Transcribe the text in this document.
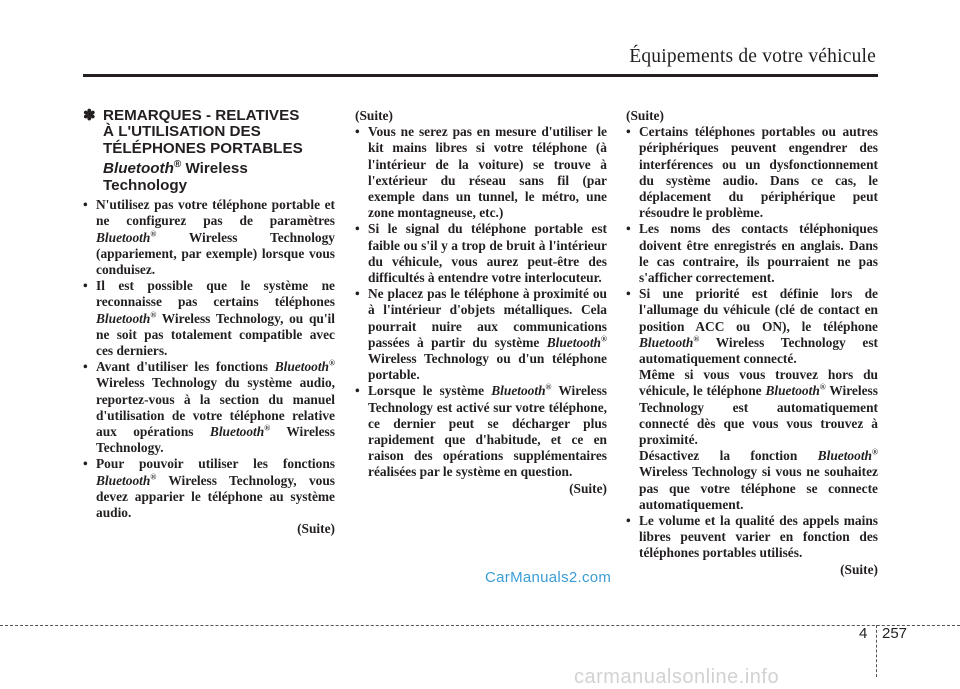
Équipements de votre véhicule
✽ REMARQUES - RELATIVES
À L'UTILISATION DES
TÉLÉPHONES PORTABLES
Bluetooth® Wireless
Technology
• N'utilisez pas votre téléphone portable et ne configurez pas de paramètres Bluetooth® Wireless Technology (appariement, par exemple) lorsque vous conduisez.
• Il est possible que le système ne reconnaisse pas certains téléphones Bluetooth® Wireless Technology, ou qu'il ne soit pas totalement compatible avec ces derniers.
• Avant d'utiliser les fonctions Bluetooth® Wireless Technology du système audio, reportez-vous à la section du manuel d'utilisation de votre téléphone relative aux opérations Bluetooth® Wireless Technology.
• Pour pouvoir utiliser les fonctions Bluetooth® Wireless Technology, vous devez apparier le téléphone au système audio.
(Suite)
(Suite)
• Vous ne serez pas en mesure d'utiliser le kit mains libres si votre téléphone (à l'intérieur de la voiture) se trouve à l'extérieur du réseau sans fil (par exemple dans un tunnel, le métro, une zone montagneuse, etc.)
• Si le signal du téléphone portable est faible ou s'il y a trop de bruit à l'intérieur du véhicule, vous aurez peut-être des difficultés à entendre votre interlocuteur.
• Ne placez pas le téléphone à proximité ou à l'intérieur d'objets métalliques. Cela pourrait nuire aux communications passées à partir du système Bluetooth® Wireless Technology ou d'un téléphone portable.
• Lorsque le système Bluetooth® Wireless Technology est activé sur votre téléphone, ce dernier peut se décharger plus rapidement que d'habitude, et ce en raison des opérations supplémentaires réalisées par le système en question.
(Suite)
(Suite)
• Certains téléphones portables ou autres périphériques peuvent engendrer des interférences ou un dysfonctionnement du système audio. Dans ce cas, le déplacement du périphérique peut résoudre le problème.
• Les noms des contacts téléphoniques doivent être enregistrés en anglais. Dans le cas contraire, ils pourraient ne pas s'afficher correctement.
• Si une priorité est définie lors de l'allumage du véhicule (clé de contact en position ACC ou ON), le téléphone Bluetooth® Wireless Technology est automatiquement connecté.
Même si vous vous trouvez hors du véhicule, le téléphone Bluetooth® Wireless Technology est automatiquement connecté dès que vous vous trouvez à proximité.
Désactivez la fonction Bluetooth® Wireless Technology si vous ne souhaitez pas que votre téléphone se connecte automatiquement.
• Le volume et la qualité des appels mains libres peuvent varier en fonction des téléphones portables utilisés.
(Suite)
CarManuals2.com
4 257
carmanualsonline.info
